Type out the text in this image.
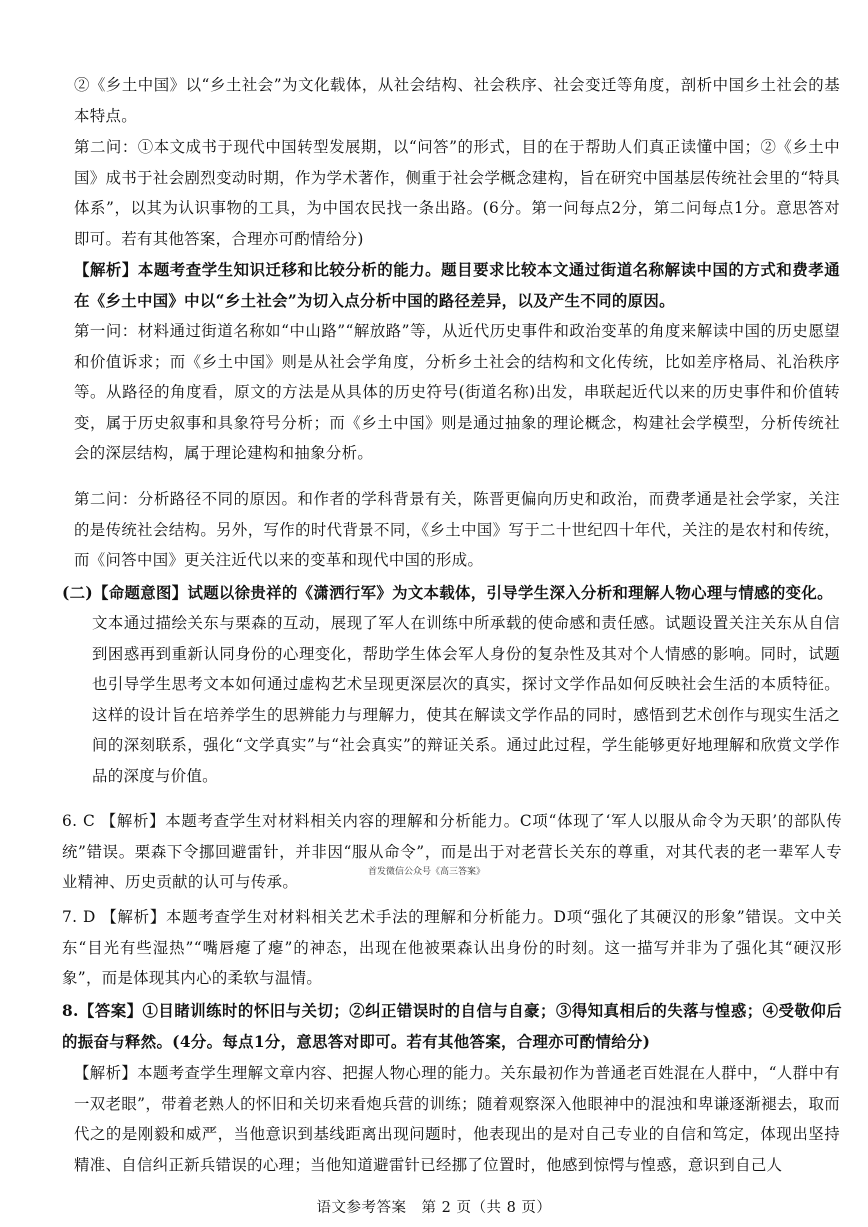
②《乡土中国》以“乡土社会”为文化载体，从社会结构、社会秩序、社会变迁等角度，剖析中国乡土社会的基本特点。

第二问：①本文成书于现代中国转型发展期，以“问答”的形式，目的在于帮助人们真正读懂中国；②《乡土中国》成书于社会剧烈变动时期，作为学术著作，侧重于社会学概念建构，旨在研究中国基层传统社会里的“特具体系”，以其为认识事物的工具，为中国农民找一条出路。(6分。第一问每点2分，第二问每点1分。意思答对即可。若有其他答案，合理亦可酌情给分)

【解析】本题考查学生知识迁移和比较分析的能力。题目要求比较本文通过街道名称解读中国的方式和费孝通在《乡土中国》中以“乡土社会”为切入点分析中国的路径差异，以及产生不同的原因。

第一问：材料通过街道名称如“中山路”“解放路”等，从近代历史事件和政治变革的角度来解读中国的历史愿望和价值诉求；而《乡土中国》则是从社会学角度，分析乡土社会的结构和文化传统，比如差序格局、礼治秩序等。从路径的角度看，原文的方法是从具体的历史符号(街道名称)出发，串联起近代以来的历史事件和价值转变，属于历史叙事和具象符号分析；而《乡土中国》则是通过抽象的理论概念，构建社会学模型，分析传统社会的深层结构，属于理论建构和抽象分析。

第二问：分析路径不同的原因。和作者的学科背景有关，陈晋更偏向历史和政治，而费孝通是社会学家，关注的是传统社会结构。另外，写作的时代背景不同，《乡土中国》写于二十世纪四十年代，关注的是农村和传统，而《问答中国》更关注近代以来的变革和现代中国的形成。

(二)【命题意图】试题以徐贵祥的《潇洒行军》为文本载体，引导学生深入分析和理解人物心理与情感的变化。

文本通过描绘关东与栗森的互动，展现了军人在训练中所承载的使命感和责任感。试题设置关注关东从自信到困惑再到重新认同身份的心理变化，帮助学生体会军人身份的复杂性及其对个人情感的影响。同时，试题也引导学生思考文本如何通过虚构艺术呈现更深层次的真实，探讨文学作品如何反映社会生活的本质特征。这样的设计旨在培养学生的思辨能力与理解力，使其在解读文学作品的同时，感悟到艺术创作与现实生活之间的深刻联系，强化“文学真实”与“社会真实”的辩证关系。通过此过程，学生能够更好地理解和欣赏文学作品的深度与价值。

6. C 【解析】本题考查学生对材料相关内容的理解和分析能力。C项“体现了‘军人以服从命令为天职’的部队传统”错误。栗森下令挪回避雷针，并非因“服从命令”，而是出于对老营长关东的尊重，对其代表的老一辈军人专业精神、历史贡献的认可与传承。

首发微信公众号《高三答案》

7. D 【解析】本题考查学生对材料相关艺术手法的理解和分析能力。D项“强化了其硬汉的形象”错误。文中关东“目光有些湿热”“嘴唇瘪了瘪”的神态，出现在他被栗森认出身份的时刻。这一描写并非为了强化其“硬汉形象”，而是体现其内心的柔软与温情。

8.【答案】①目睹训练时的怀旧与关切；②纠正错误时的自信与自豪；③得知真相后的失落与惶惑；④受敬仰后的振奋与释然。(4分。每点1分，意思答对即可。若有其他答案，合理亦可酌情给分)

【解析】本题考查学生理解文章内容、把握人物心理的能力。关东最初作为普通老百姓混在人群中，“人群中有一双老眼”，带着老熟人的怀旧和关切来看炮兵营的训练；随着观察深入他眼神中的混浊和卑谦逐渐褪去，取而代之的是刚毅和威严，当他意识到基线距离出现问题时，他表现出的是对自己专业的自信和笃定，体现出坚持精准、自信纠正新兵错误的心理；当他知道避雷针已经挪了位置时，他感到惊愕与惶惑，意识到自己人

语文参考答案　第 2 页（共 8 页）
